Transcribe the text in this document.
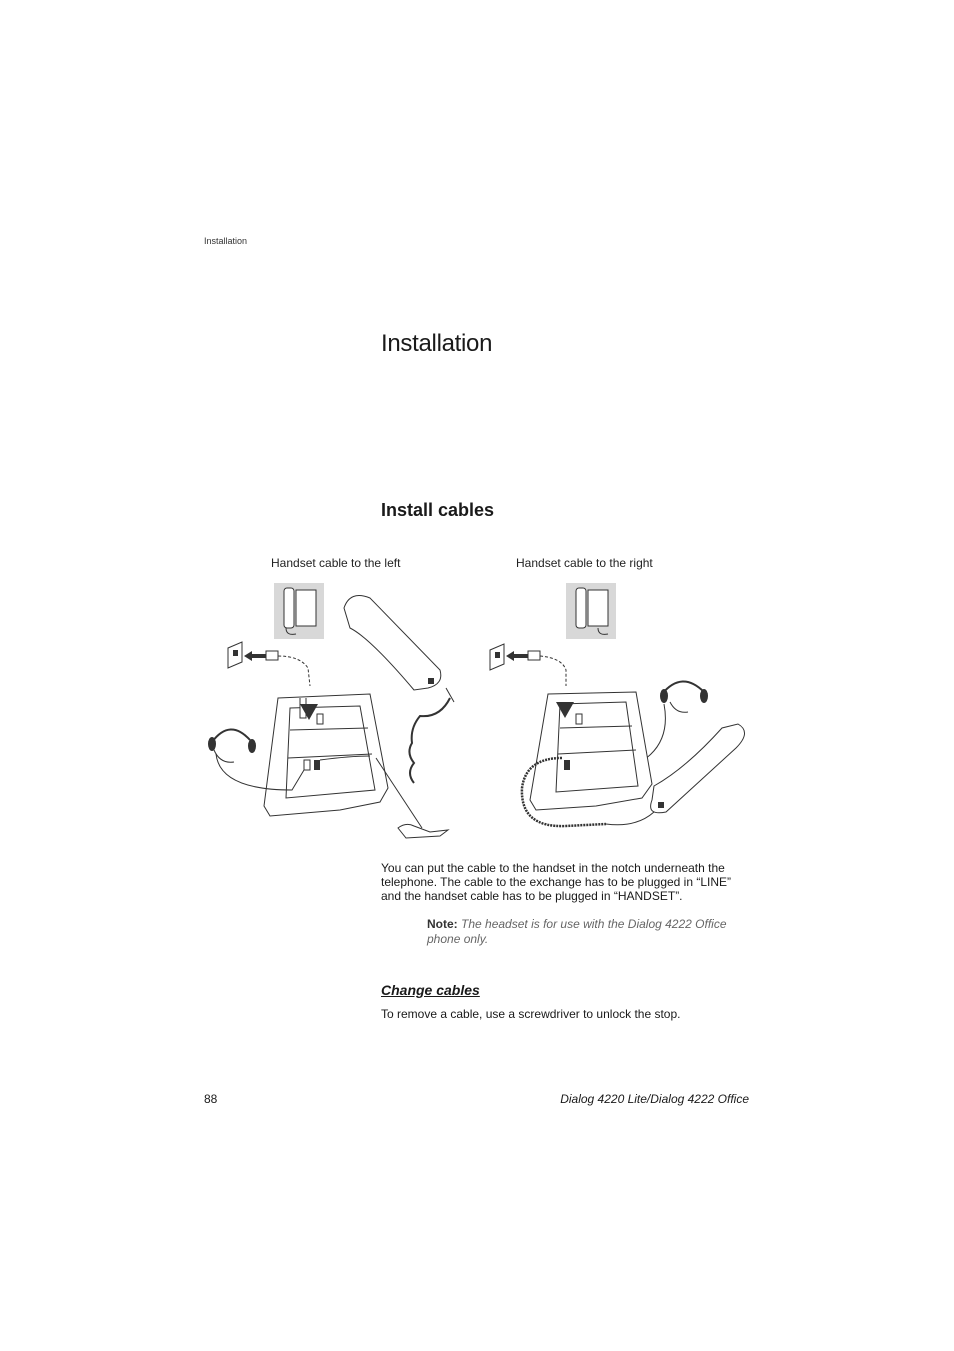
Installation
Installation
Install cables
Handset cable to the left	Handset cable to the right
You can put the cable to the handset in the notch underneath the telephone. The cable to the exchange has to be plugged in “LINE” and the handset cable has to be plugged in “HANDSET”.
Note: The headset is for use with the Dialog 4222 Office phone only.
Change cables
To remove a cable, use a screwdriver to unlock the stop.
88	Dialog 4220 Lite/Dialog 4222 Office
